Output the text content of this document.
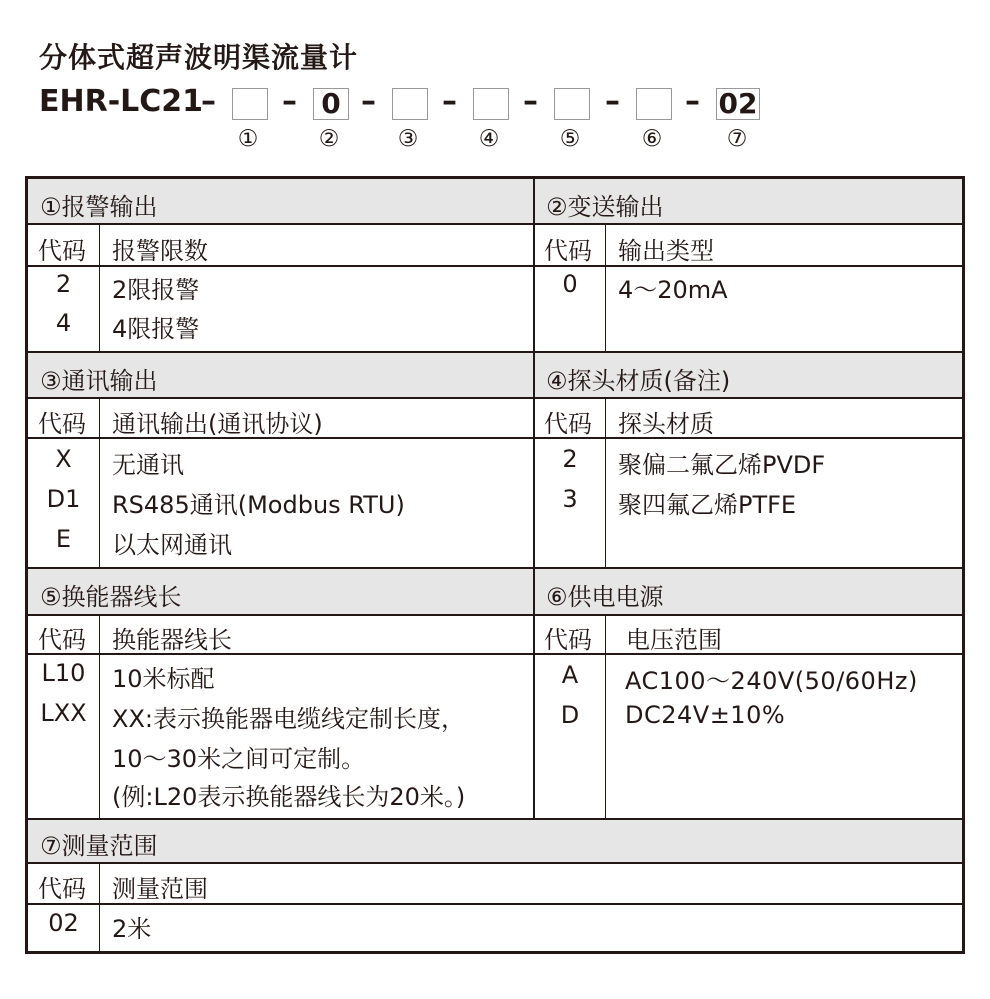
分体式超声波明渠流量计
EHR-LC21
– – 0 – – – – – 02
①	②	③	④	⑤	⑥	⑦
①报警输出
代码 报警限数
2	2限报警
4	4限报警
②变送输出
代码 输出类型
0	4～20mA
③通讯输出
代码 通讯输出(通讯协议)
X	无通讯
D1	RS485通讯(Modbus RTU)
E	以太网通讯
④探头材质(备注)
代码 探头材质
2	聚偏二氟乙烯PVDF
3	聚四氟乙烯PTFE
⑤换能器线长
代码 换能器线长
L10	10米标配
LXX	XX:表示换能器电缆线定制长度，
10～30米之间可定制。
(例:L20表示换能器线长为20米。)
⑥供电电源
代码 电压范围
A	AC100～240V(50/60Hz)
D	DC24V±10%
⑦测量范围
代码 测量范围
02	2米
